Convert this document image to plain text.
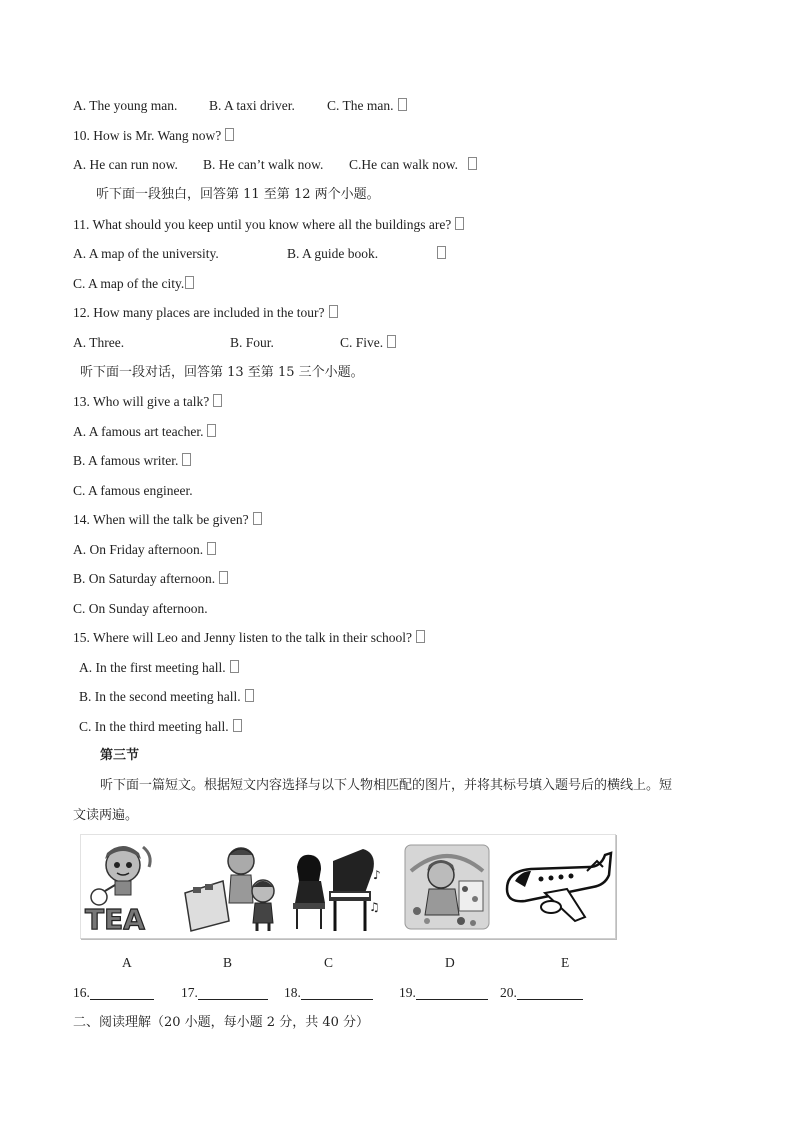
A. The young man. B. A taxi driver. C. The man.
10. How is Mr. Wang now?
A. He can run now. B. He can’t walk now. C.He can walk now.
听下面一段独白，回答第 11 至第 12 两个小题。
11. What should you keep until you know where all the buildings are?
A. A map of the university.	B. A guide book.
C. A map of the city.
12. How many places are included in the tour?
A. Three.	B. Four.	C. Five.
听下面一段对话，回答第 13 至第 15 三个小题。
13. Who will give a talk?
A. A famous art teacher.
B. A famous writer.
C. A famous engineer.
14. When will the talk be given?
A. On Friday afternoon.
B. On Saturday afternoon.
C. On Sunday afternoon.
15. Where will Leo and Jenny listen to the talk in their school?
A. In the first meeting hall.
B. In the second meeting hall.
C. In the third meeting hall.
第三节
听下面一篇短文。根据短文内容选择与以下人物相匹配的图片，并将其标号填入题号后的横线上。短
文读两遍。
TEA
♪
♫
A	B	C	D	E
16.	17.	18.	19.	20.
二、阅读理解（20 小题，每小题 2 分，共 40 分）
